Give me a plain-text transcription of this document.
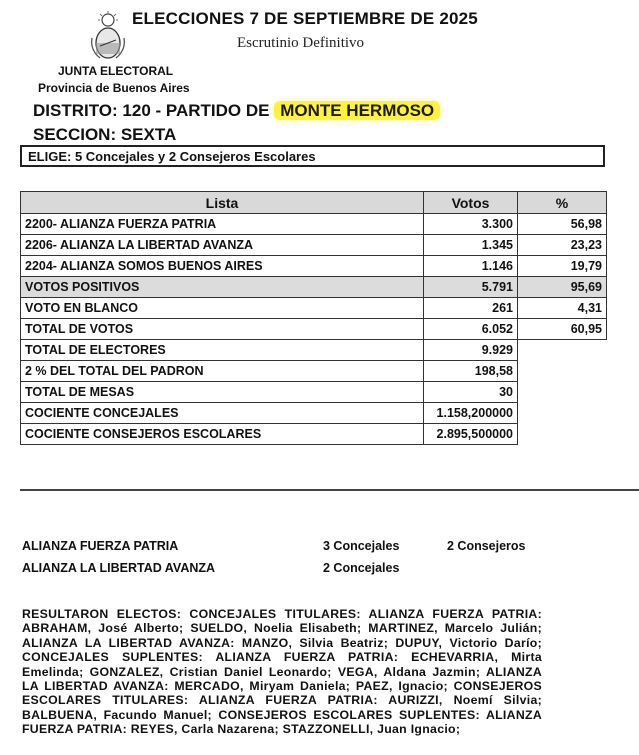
ELECCIONES 7 DE SEPTIEMBRE DE 2025
Escrutinio Definitivo
JUNTA ELECTORAL
Provincia de Buenos Aires
DISTRITO: 120 - PARTIDO DE MONTE HERMOSO
SECCION: SEXTA
ELIGE: 5 Concejales y 2 Consejeros Escolares
Lista	Votos	%
2200- ALIANZA FUERZA PATRIA	3.300	56,98
2206- ALIANZA LA LIBERTAD AVANZA	1.345	23,23
2204- ALIANZA SOMOS BUENOS AIRES	1.146	19,79
VOTOS POSITIVOS	5.791	95,69
VOTO EN BLANCO	261	4,31
TOTAL DE VOTOS	6.052	60,95
TOTAL DE ELECTORES	9.929	
2 % DEL TOTAL DEL PADRON	198,58	
TOTAL DE MESAS	30	
COCIENTE CONCEJALES	1.158,200000	
COCIENTE CONSEJEROS ESCOLARES	2.895,500000	
ALIANZA FUERZA PATRIA	3 Concejales	2 Consejeros
ALIANZA LA LIBERTAD AVANZA	2 Concejales
RESULTARON ELECTOS: CONCEJALES TITULARES: ALIANZA FUERZA PATRIA: ABRAHAM, José Alberto; SUELDO, Noelia Elisabeth; MARTINEZ, Marcelo Julián; ALIANZA LA LIBERTAD AVANZA: MANZO, Silvia Beatriz; DUPUY, Victorio Darío; CONCEJALES SUPLENTES: ALIANZA FUERZA PATRIA: ECHEVARRIA, Mirta Emelinda; GONZALEZ, Cristian Daniel Leonardo; VEGA, Aldana Jazmin; ALIANZA LA LIBERTAD AVANZA: MERCADO, Miryam Daniela; PAEZ, Ignacio; CONSEJEROS ESCOLARES TITULARES: ALIANZA FUERZA PATRIA: AURIZZI, Noemí Silvia; BALBUENA, Facundo Manuel; CONSEJEROS ESCOLARES SUPLENTES: ALIANZA FUERZA PATRIA: REYES, Carla Nazarena; STAZZONELLI, Juan Ignacio;
